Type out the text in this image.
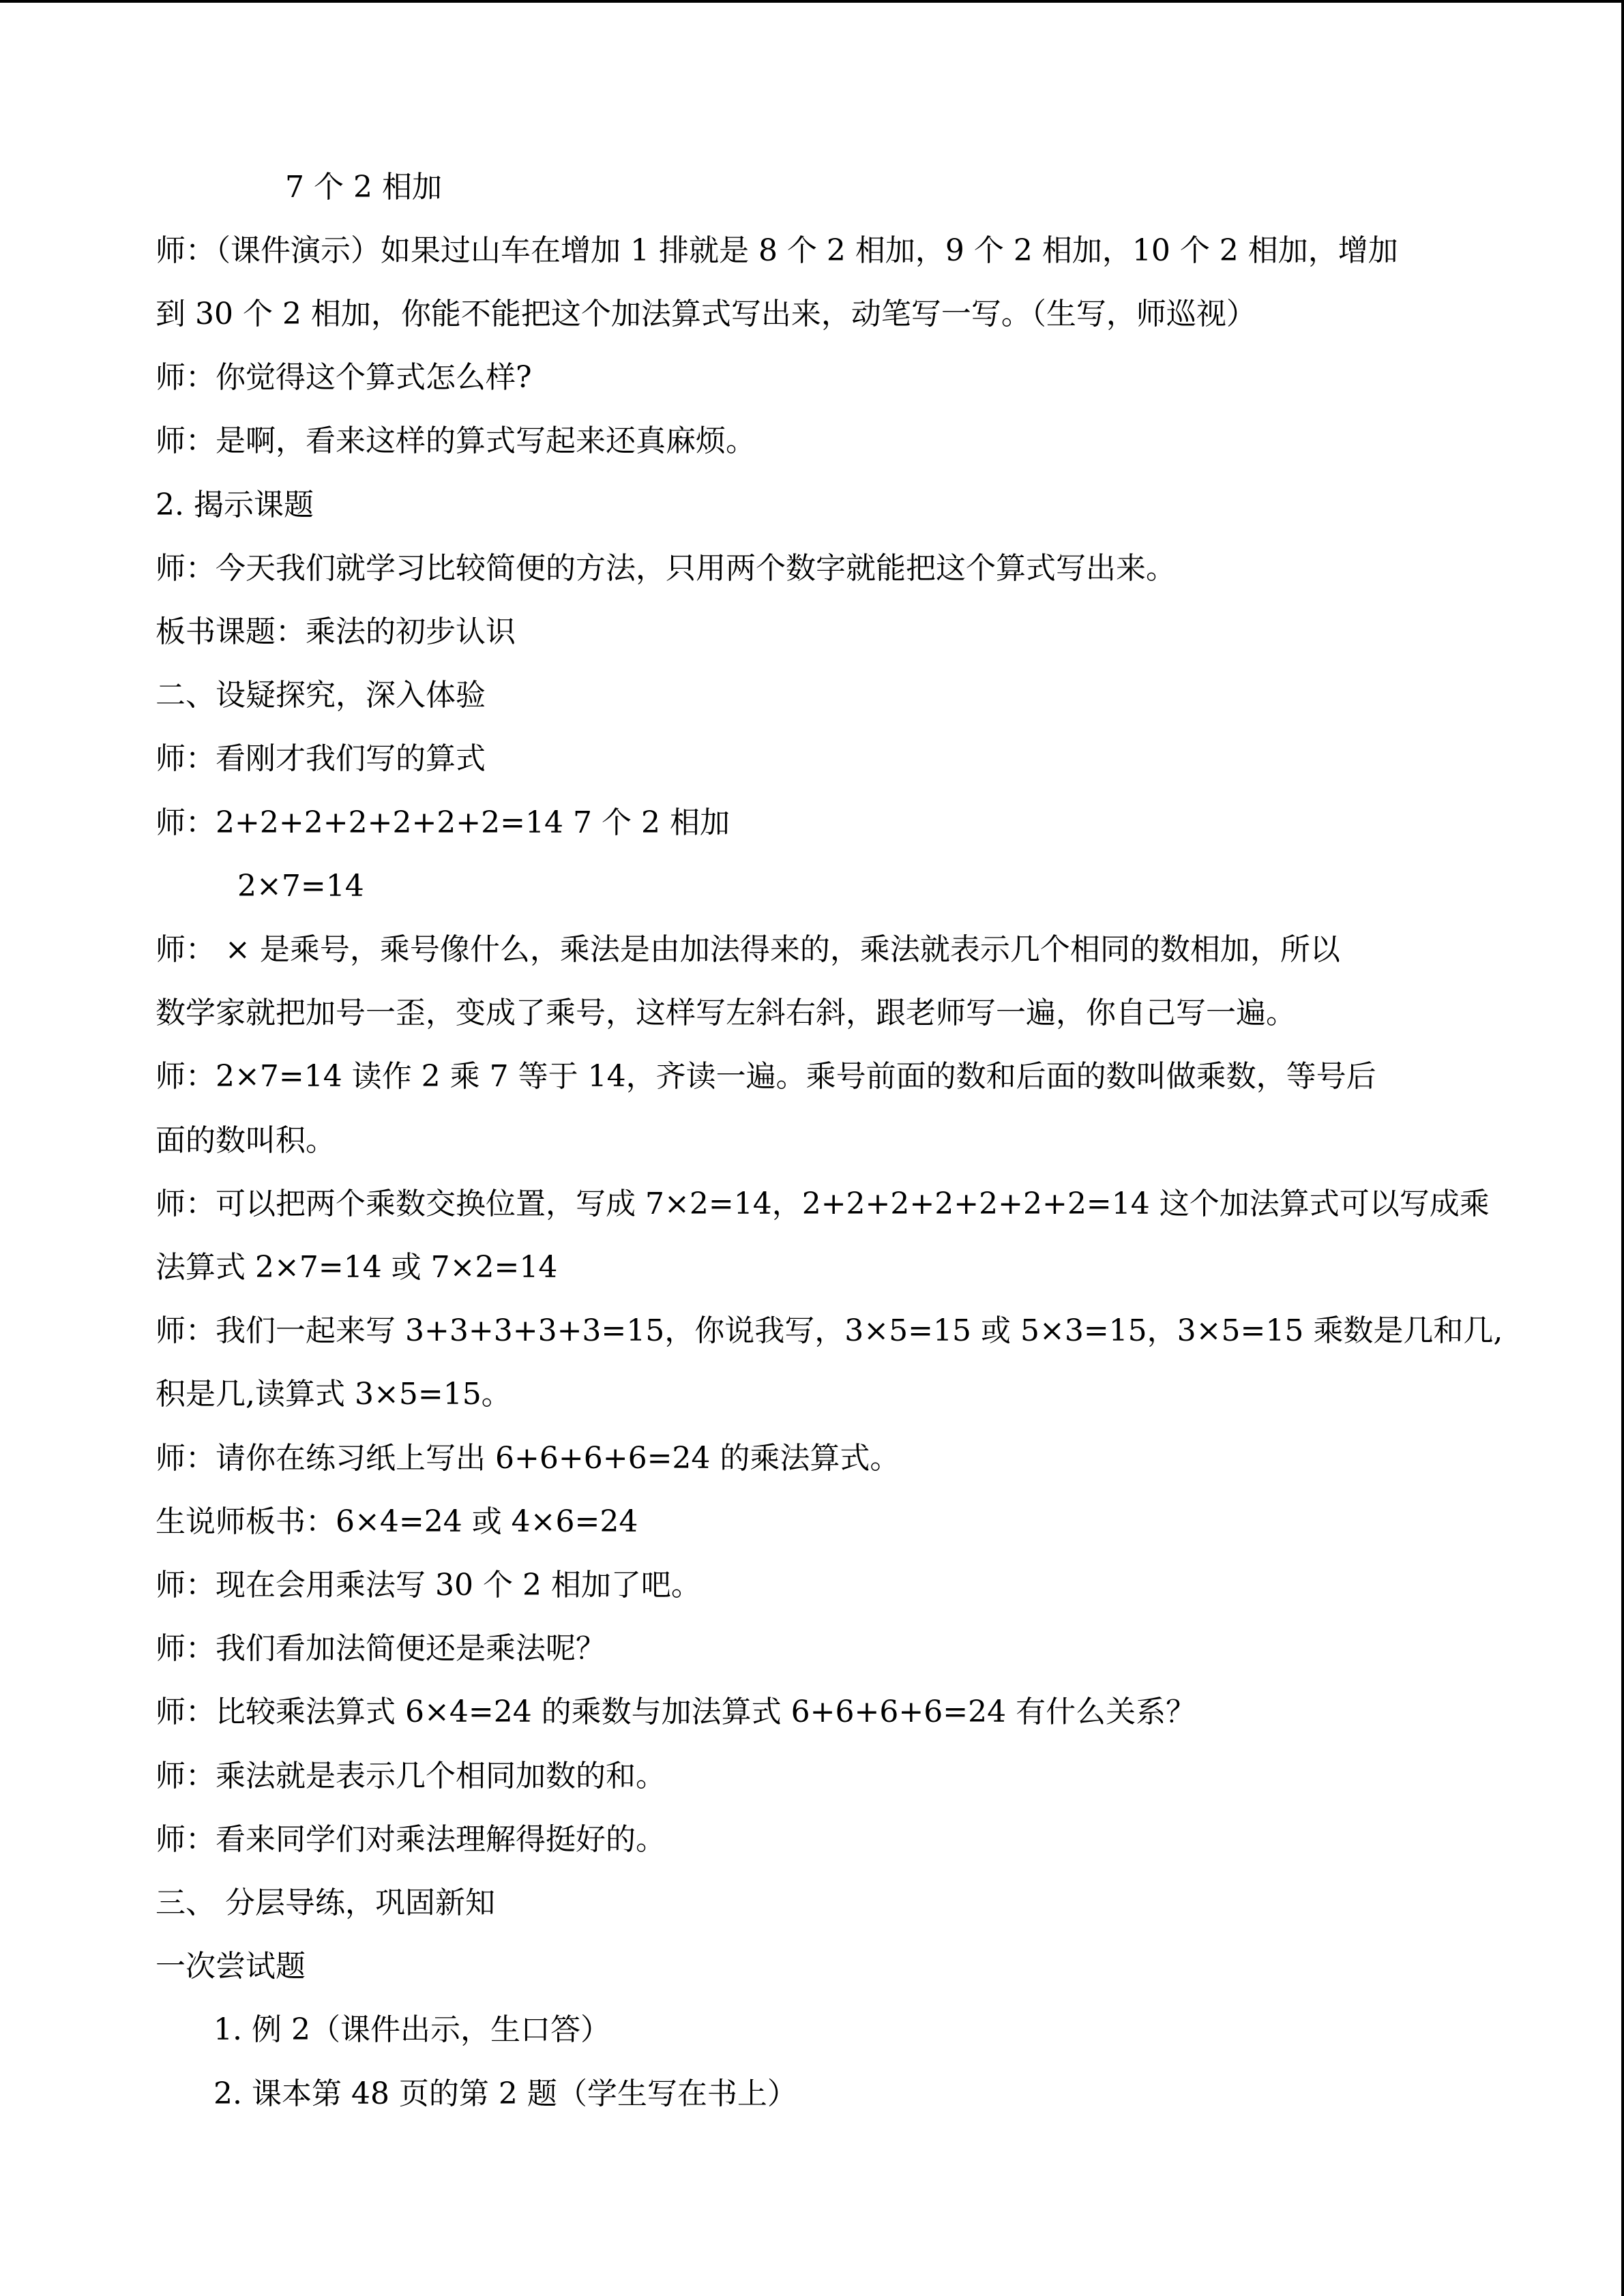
7 个 2 相加
师：（课件演示）如果过山车在增加 1 排就是 8 个 2 相加，9 个 2 相加，10 个 2 相加，增加
到 30 个 2 相加，你能不能把这个加法算式写出来，动笔写一写。（生写，师巡视）
师：你觉得这个算式怎么样?
师：是啊，看来这样的算式写起来还真麻烦。
2. 揭示课题
师：今天我们就学习比较简便的方法，只用两个数字就能把这个算式写出来。
板书课题：乘法的初步认识
二、设疑探究，深入体验
师：看刚才我们写的算式
师：2+2+2+2+2+2+2=14 7 个 2 相加
2×7=14
师： × 是乘号，乘号像什么，乘法是由加法得来的，乘法就表示几个相同的数相加，所以
数学家就把加号一歪，变成了乘号，这样写左斜右斜，跟老师写一遍，你自己写一遍。
师：2×7=14 读作 2 乘 7 等于 14，齐读一遍。乘号前面的数和后面的数叫做乘数，等号后
面的数叫积。
师：可以把两个乘数交换位置，写成 7×2=14，2+2+2+2+2+2+2=14 这个加法算式可以写成乘
法算式 2×7=14 或 7×2=14
师：我们一起来写 3+3+3+3+3=15，你说我写，3×5=15 或 5×3=15，3×5=15 乘数是几和几,
积是几,读算式 3×5=15。
师：请你在练习纸上写出 6+6+6+6=24 的乘法算式。
生说师板书：6×4=24 或 4×6=24
师：现在会用乘法写 30 个 2 相加了吧。
师：我们看加法简便还是乘法呢？
师：比较乘法算式 6×4=24 的乘数与加法算式 6+6+6+6=24 有什么关系？
师：乘法就是表示几个相同加数的和。
师：看来同学们对乘法理解得挺好的。
三、 分层导练，巩固新知
一次尝试题
1. 例 2（课件出示，生口答）
2. 课本第 48 页的第 2 题（学生写在书上）
